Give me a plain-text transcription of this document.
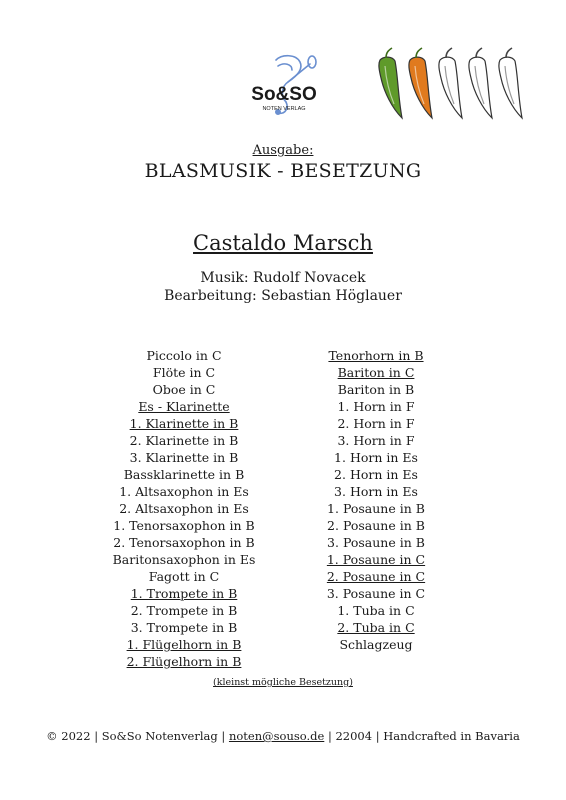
So&SO
NOTEN VERLAG
Ausgabe:
BLASMUSIK - BESETZUNG
Castaldo Marsch
Musik: Rudolf Novacek
Bearbeitung: Sebastian Höglauer
Piccolo in C
Flöte in C
Oboe in C
Es - Klarinette
1. Klarinette in B
2. Klarinette in B
3. Klarinette in B
Bassklarinette in B
1. Altsaxophon in Es
2. Altsaxophon in Es
1. Tenorsaxophon in B
2. Tenorsaxophon in B
Baritonsaxophon in Es
Fagott in C
1. Trompete in B
2. Trompete in B
3. Trompete in B
1. Flügelhorn in B
2. Flügelhorn in B
Tenorhorn in B
Bariton in C
Bariton in B
1. Horn in F
2. Horn in F
3. Horn in F
1. Horn in Es
2. Horn in Es
3. Horn in Es
1. Posaune in B
2. Posaune in B
3. Posaune in B
1. Posaune in C
2. Posaune in C
3. Posaune in C
1. Tuba in C
2. Tuba in C
Schlagzeug
(kleinst mögliche Besetzung)
© 2022 | So&So Notenverlag | noten@souso.de | 22004 | Handcrafted in Bavaria
